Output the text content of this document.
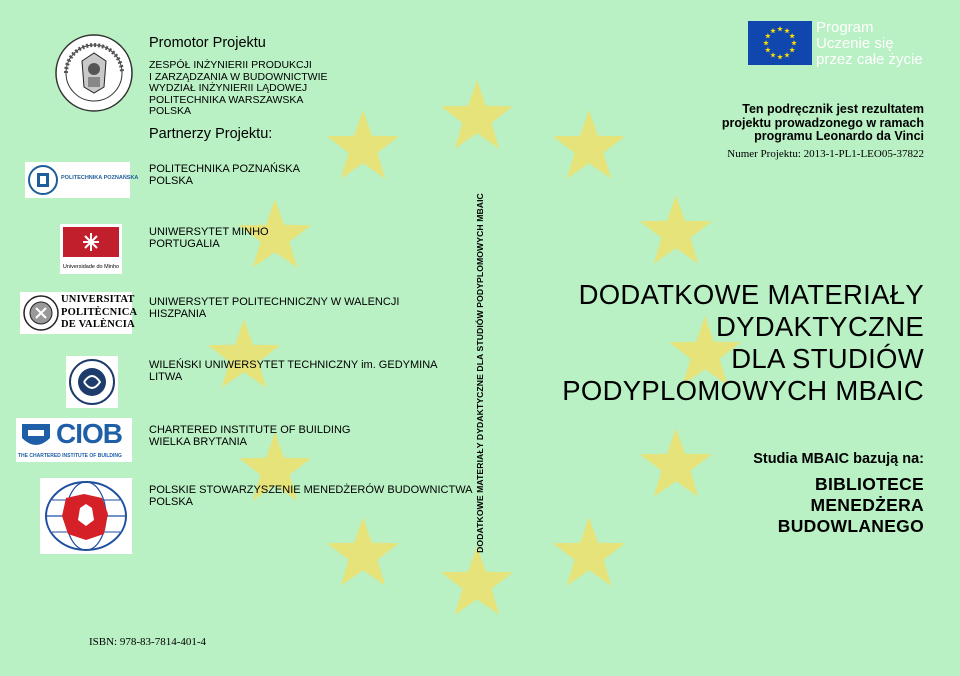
Promotor Projektu
ZESPÓŁ INŻYNIERII PRODUKCJI
I ZARZĄDZANIA W BUDOWNICTWIE
WYDZIAŁ INŻYNIERII LĄDOWEJ
POLITECHNIKA WARSZAWSKA
POLSKA
Partnerzy Projektu:
POLITECHNIKA POZNAŃSKA
POLITECHNIKA POZNAŃSKA
POLSKA
Universidade do Minho
UNIWERSYTET MINHO
PORTUGALIA
UNIVERSITAT
POLITÈCNICA
DE VALÈNCIA
UNIWERSYTET POLITECHNICZNY W WALENCJI
HISZPANIA
WILEŃSKI UNIWERSYTET TECHNICZNY im. GEDYMINA
LITWA
CIOB
THE CHARTERED INSTITUTE OF BUILDING
CHARTERED INSTITUTE OF BUILDING
WIELKA BRYTANIA
POLSKIE STOWARZYSZENIE MENEDŻERÓW BUDOWNICTWA
POLSKA
ISBN: 978-83-7814-401-4
DODATKOWE MATERIAŁY DYDAKTYCZNE DLA STUDIÓW PODYPLOMOWYCH MBAIC
Program
Uczenie się
przez całe życie
Ten podręcznik jest rezultatem
projektu prowadzonego w ramach
programu Leonardo da Vinci
Numer Projektu: 2013-1-PL1-LEO05-37822
DODATKOWE MATERIAŁY
DYDAKTYCZNE
DLA STUDIÓW
PODYPLOMOWYCH MBAIC
Studia MBAIC bazują na:
BIBLIOTECE
MENEDŻERA
BUDOWLANEGO
